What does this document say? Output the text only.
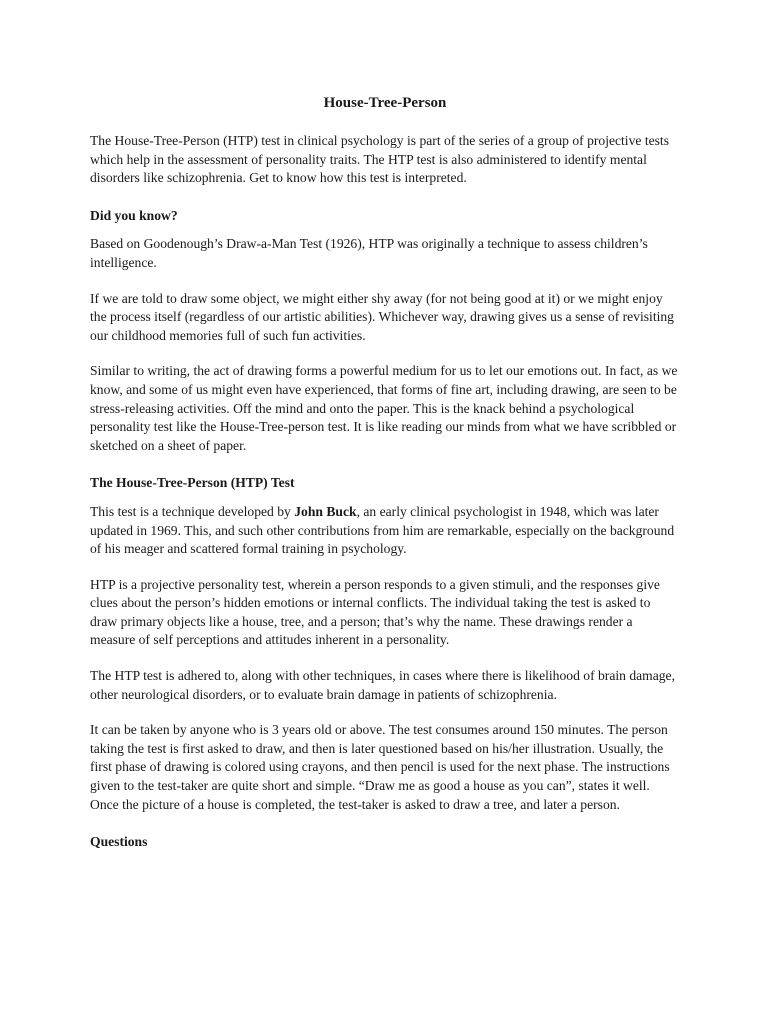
House-Tree-Person

The House-Tree-Person (HTP) test in clinical psychology is part of the series of a group of projective tests which help in the assessment of personality traits. The HTP test is also administered to identify mental disorders like schizophrenia. Get to know how this test is interpreted.

Did you know?

Based on Goodenough’s Draw-a-Man Test (1926), HTP was originally a technique to assess children’s intelligence.

If we are told to draw some object, we might either shy away (for not being good at it) or we might enjoy the process itself (regardless of our artistic abilities). Whichever way, drawing gives us a sense of revisiting our childhood memories full of such fun activities.

Similar to writing, the act of drawing forms a powerful medium for us to let our emotions out. In fact, as we know, and some of us might even have experienced, that forms of fine art, including drawing, are seen to be stress-releasing activities. Off the mind and onto the paper. This is the knack behind a psychological personality test like the House-Tree-person test. It is like reading our minds from what we have scribbled or sketched on a sheet of paper.

The House-Tree-Person (HTP) Test

This test is a technique developed by John Buck, an early clinical psychologist in 1948, which was later updated in 1969. This, and such other contributions from him are remarkable, especially on the background of his meager and scattered formal training in psychology.

HTP is a projective personality test, wherein a person responds to a given stimuli, and the responses give clues about the person’s hidden emotions or internal conflicts. The individual taking the test is asked to draw primary objects like a house, tree, and a person; that’s why the name. These drawings render a measure of self perceptions and attitudes inherent in a personality.

The HTP test is adhered to, along with other techniques, in cases where there is likelihood of brain damage, other neurological disorders, or to evaluate brain damage in patients of schizophrenia.

It can be taken by anyone who is 3 years old or above. The test consumes around 150 minutes. The person taking the test is first asked to draw, and then is later questioned based on his/her illustration. Usually, the first phase of drawing is colored using crayons, and then pencil is used for the next phase. The instructions given to the test-taker are quite short and simple. “Draw me as good a house as you can”, states it well. Once the picture of a house is completed, the test-taker is asked to draw a tree, and later a person.

Questions
